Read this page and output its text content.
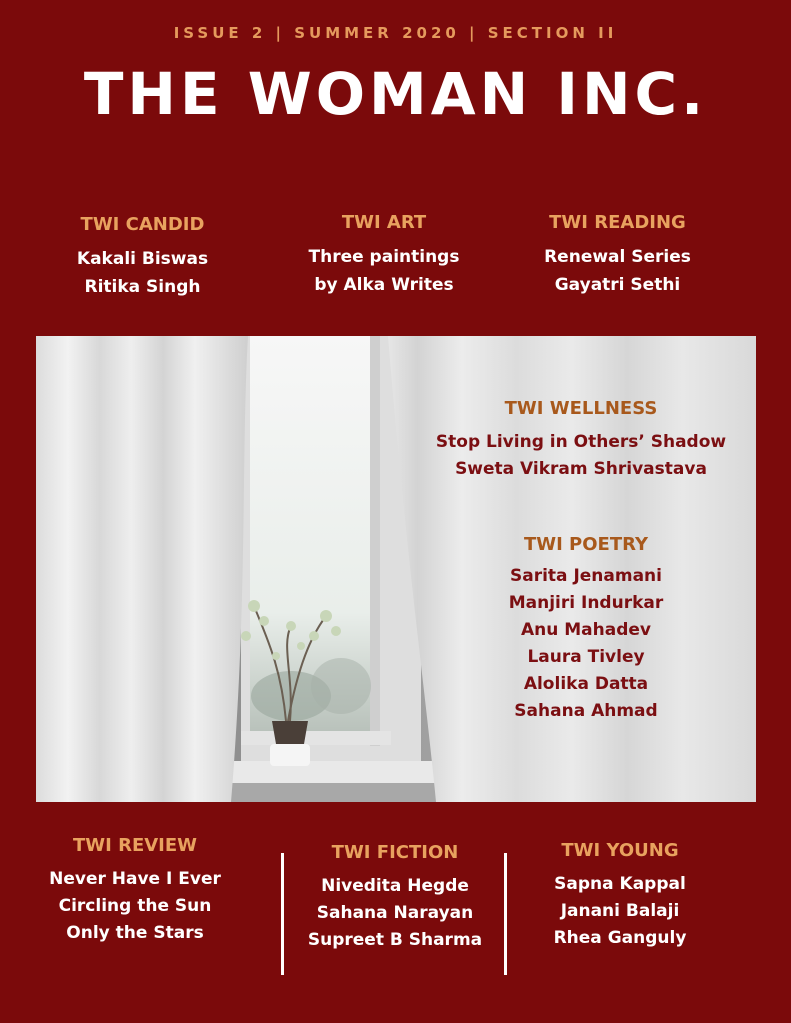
ISSUE 2 | SUMMER 2020 | SECTION II
THE WOMAN INC.
TWI CANDID
Kakali Biswas
Ritika Singh
TWI ART
Three paintings
by Alka Writes
TWI READING
Renewal Series
Gayatri Sethi
TWI WELLNESS
Stop Living in Others’ Shadow
Sweta Vikram Shrivastava
TWI POETRY
Sarita Jenamani
Manjiri Indurkar
Anu Mahadev
Laura Tivley
Alolika Datta
Sahana Ahmad
TWI REVIEW
Never Have I Ever
Circling the Sun
Only the Stars
TWI FICTION
Nivedita Hegde
Sahana Narayan
Supreet B Sharma
TWI YOUNG
Sapna Kappal
Janani Balaji
Rhea Ganguly
